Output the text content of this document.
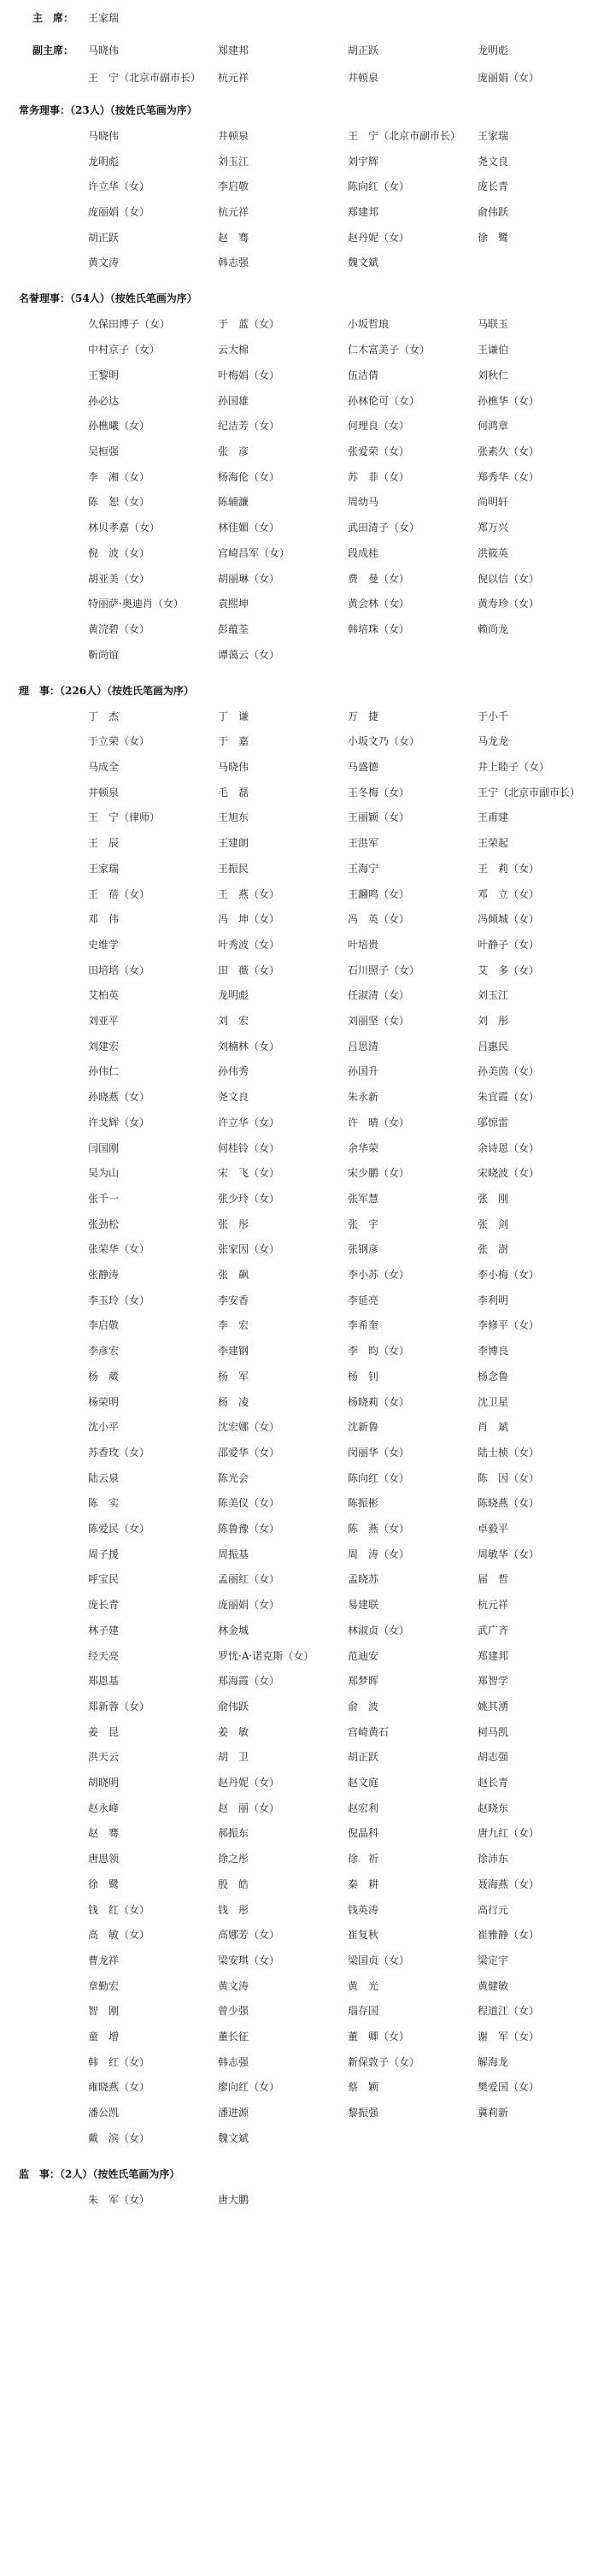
主　席： 王家瑞
副主席： 马晓伟	郑建邦	胡正跃	龙明彪
王　宁（北京市副市长） 杭元祥	井顿泉	庞丽娟（女）
常务理事：（23人）（按姓氏笔画为序）
马晓伟	井顿泉	王　宁（北京市副市长） 王家瑞
龙明彪	刘玉江	刘宇辉	尧文良
许立华（女）	李启敬	陈向红（女）	庞长青
庞丽娟（女）	杭元祥	郑建邦	俞伟跃
胡正跃	赵　骞	赵丹妮（女）	徐　鹭
黄文涛	韩志强	魏文斌
名誉理事：（54人）（按姓氏笔画为序）
久保田博子（女）	于　蓝（女）	小坂哲琅	马联玉
中村京子（女）	云大棉	仁木富美子（女）	王谦伯
王黎明	叶梅娟（女）	伍洁倩	刘秋仁
孙必达	孙国雄	孙林伦可（女）	孙樵华（女）
孙樵曦（女）	纪洁芳（女）	何理良（女）	何鸿章
吴桓强	张　彦	张爱荣（女）	张素久（女）
李　湘（女）	杨海伦（女）	苏　菲（女）	郑秀华（女）
陈　恕（女）	陈辅濂	周幼马	尚明轩
林贝孝嘉（女）	林佳媚（女）	武田清子（女）	郑万兴
倪　波（女）	宫崎昌军（女）	段成桂	洪筱英
胡亚美（女）	胡丽琳（女）	费　曼（女）	倪以信（女）
特丽萨·奥迪肖（女）	袁熙坤	黄会林（女）	黄寿珍（女）
黄浣碧（女）	彭蕴荃	韩培珠（女）	赖尚龙
靳尚谊	谭蔼云（女）
理　事：（226人）（按姓氏笔画为序）
丁　杰	丁　谦	万　捷	于小千
于立荣（女）	于　嘉	小坂文乃（女）	马龙龙
马成全	马晓伟	马盛德	井上睦子（女）
井顿泉	毛　磊	王冬梅（女）	王宁（北京市副市长）
王　宁（律师）	王旭东	王丽颖（女）	王甫建
王　辰	王建朗	王洪军	王荣起
王家瑞	王振民	王海宁	王　莉（女）
王　蓓（女）	王　燕（女）	王翿鸣（女）	邓　立（女）
邓　伟	冯　坤（女）	冯　英（女）	冯倾城（女）
史维学	叶秀波（女）	叶培贵	叶静子（女）
田培培（女）	田　薇（女）	石川照子（女）	艾　多（女）
艾柏英	龙明彪	任淑清（女）	刘玉江
刘亚平	刘　宏	刘丽坚（女）	刘　彤
刘建宏	刘楠林（女）	吕思清	吕惠民
孙伟仁	孙伟秀	孙国升	孙美茵（女）
孙晓燕（女）	尧文良	朱永新	朱宜霞（女）
许戈辉（女）	许立华（女）	许　晴（女）	邬惊雷
闫国刚	何桂铃（女）	余华荣	余诗恩（女）
吴为山	宋　飞（女）	宋少鹏（女）	宋晓波（女）
张千一	张少玲（女）	张军慧	张　刚
张劲松	张　彤	张　宇	张　剑
张荣华（女）	张家因（女）	张钢彦	张　澍
张静涛	张　飙	李小苏（女）	李小梅（女）
李玉玲（女）	李安香	李延亮	李利明
李启敬	李　宏	李希奎	李修平（女）
李彦宏	李建钢	李　昀（女）	李博良
杨　葳	杨　军	杨　钊	杨念鲁
杨荣明	杨　凌	杨晓莉（女）	沈卫星
沈小平	沈宏娜（女）	沈新鲁	肖　斌
苏香玫（女）	邵爱华（女）	闵丽华（女）	陆士桢（女）
陆云泉	陈光会	陈向红（女）	陈　因（女）
陈　实	陈美仪（女）	陈振彬	陈晓燕（女）
陈爱民（女）	陈鲁豫（女）	陈　燕（女）	卓毅平
周子援	周振基	周　涛（女）	周敏华（女）
呼宝民	孟丽红（女）	孟晓苏	届　哲
庞长青	庞丽娟（女）	易建联	杭元祥
林子建	林金城	林淑贞（女）	武广齐
经天亮	罗忧·A·诺克斯（女）	范迪安	郑建邦
郑恩基	郑海霞（女）	郑梦晖	郑智学
郑新蓉（女）	俞伟跃	俞　波	姚其湧
姜　昆	姜　敏	宫崎黄石	柯马凯
洪天云	胡　卫	胡正跃	胡志强
胡晓明	赵丹妮（女）	赵文庭	赵长青
赵永峰	赵　丽（女）	赵宏利	赵晓东
赵　骞	郝振东	倪晶科	唐九红（女）
唐思领	徐之彤	徐　祈	徐沛东
徐　鹭	殷　皓	秦　耕	聂海燕（女）
钱　红（女）	钱　彤	钱英涛	高行元
高　敏（女）	高娜芳（女）	崔复秋	崔雅静（女）
曹龙祥	梁安琪（女）	梁国贞（女）	梁定宇
章勤宏	黄文涛	黄　光	黄健敏
智　刚	曾少强	瑙存国	程道江（女）
童　增	董长征	董　卿（女）	谢　军（女）
韩　红（女）	韩志强	新保敦子（女）	解海龙
雍晓燕（女）	廖向红（女）	蔡　颖	樊爱国（女）
潘公凯	潘进源	黎振强	冀莉新
戴　滨（女）	魏文斌
监　事：（2人）（按姓氏笔画为序）
朱　军（女）	唐大鹏
